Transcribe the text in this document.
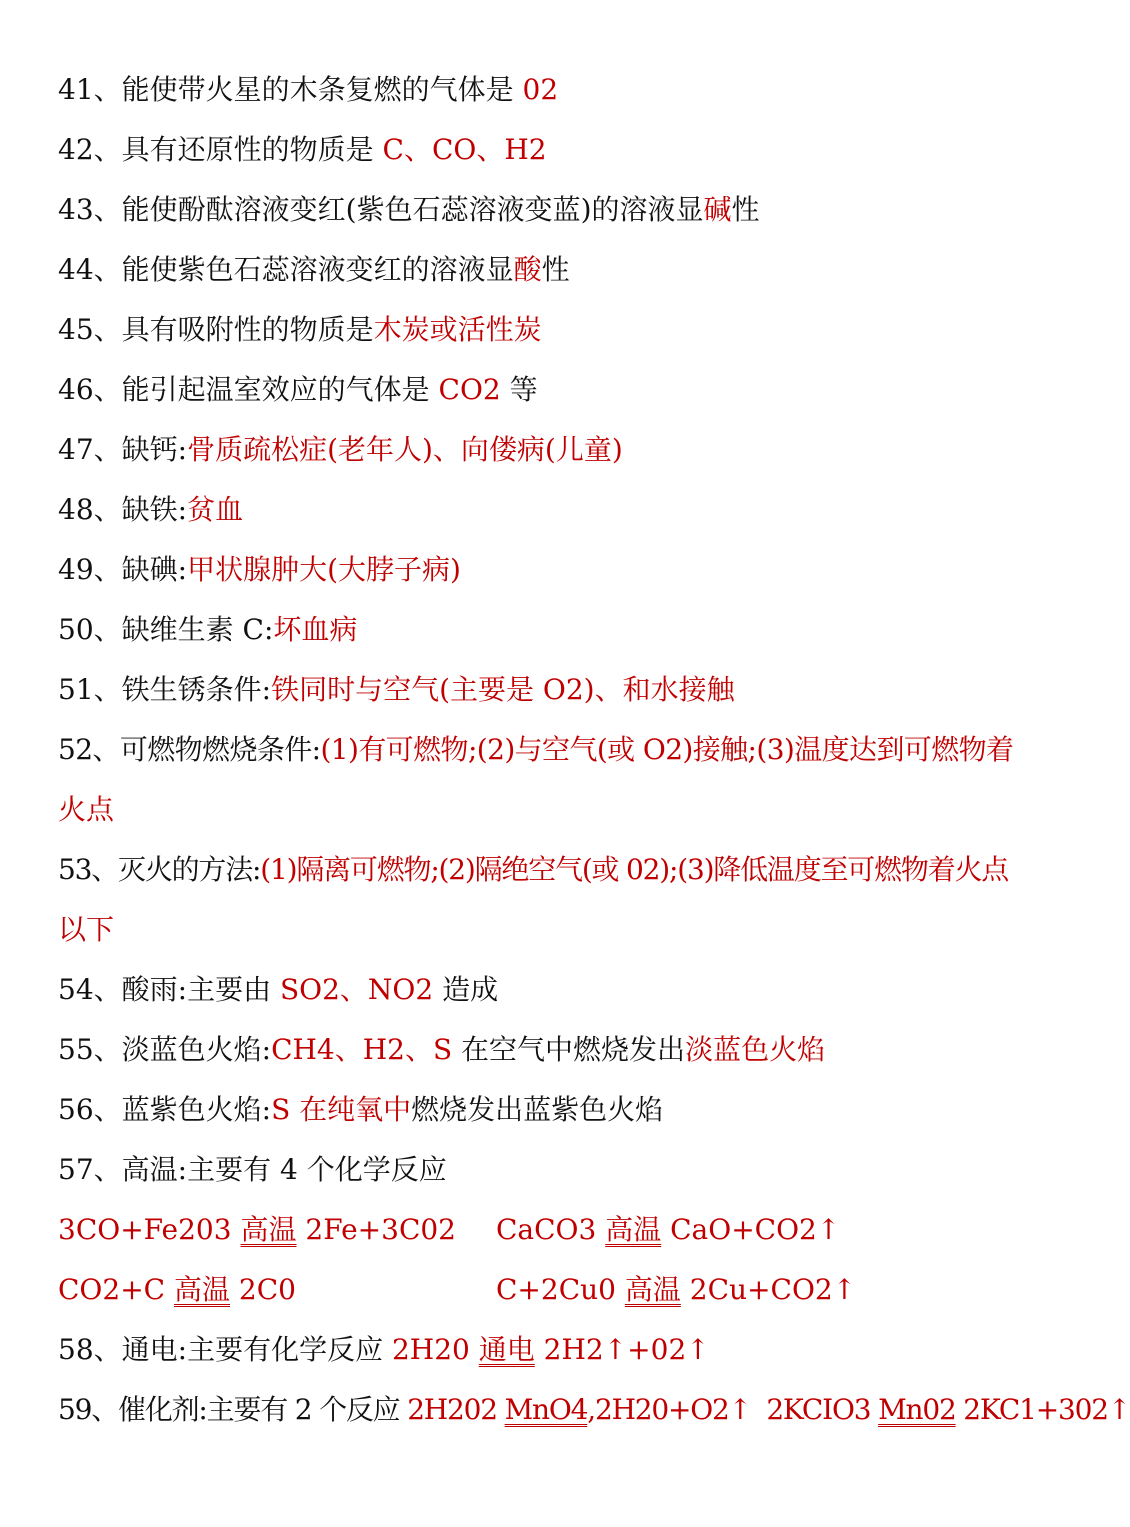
41、能使带火星的木条复燃的气体是 02
42、具有还原性的物质是 C、CO、H2
43、能使酚酞溶液变红(紫色石蕊溶液变蓝)的溶液显碱性
44、能使紫色石蕊溶液变红的溶液显酸性
45、具有吸附性的物质是木炭或活性炭
46、能引起温室效应的气体是 CO2 等
47、缺钙:骨质疏松症(老年人)、向偻病(儿童)
48、缺铁:贫血
49、缺碘:甲状腺肿大(大脖子病)
50、缺维生素 C:坏血病
51、铁生锈条件:铁同时与空气(主要是 O2)、和水接触
52、可燃物燃烧条件:(1)有可燃物;(2)与空气(或 O2)接触;(3)温度达到可燃物着
火点
53、灭火的方法:(1)隔离可燃物;(2)隔绝空气(或 02);(3)降低温度至可燃物着火点
以下
54、酸雨:主要由 SO2、NO2 造成
55、淡蓝色火焰:CH4、H2、S 在空气中燃烧发出淡蓝色火焰
56、蓝紫色火焰:S 在纯氧中燃烧发出蓝紫色火焰
57、高温:主要有 4 个化学反应
3CO+Fe203 高温 2Fe+3C02 CaCO3 高温 CaO+CO2↑
CO2+C 高温 2C0	C+2Cu0 高温 2Cu+CO2↑
58、通电:主要有化学反应 2H20 通电 2H2↑+02↑
59、催化剂:主要有 2 个反应 2H202 MnO4,2H20+O2↑  2KCIO3 Mn02 2KC1+302↑
